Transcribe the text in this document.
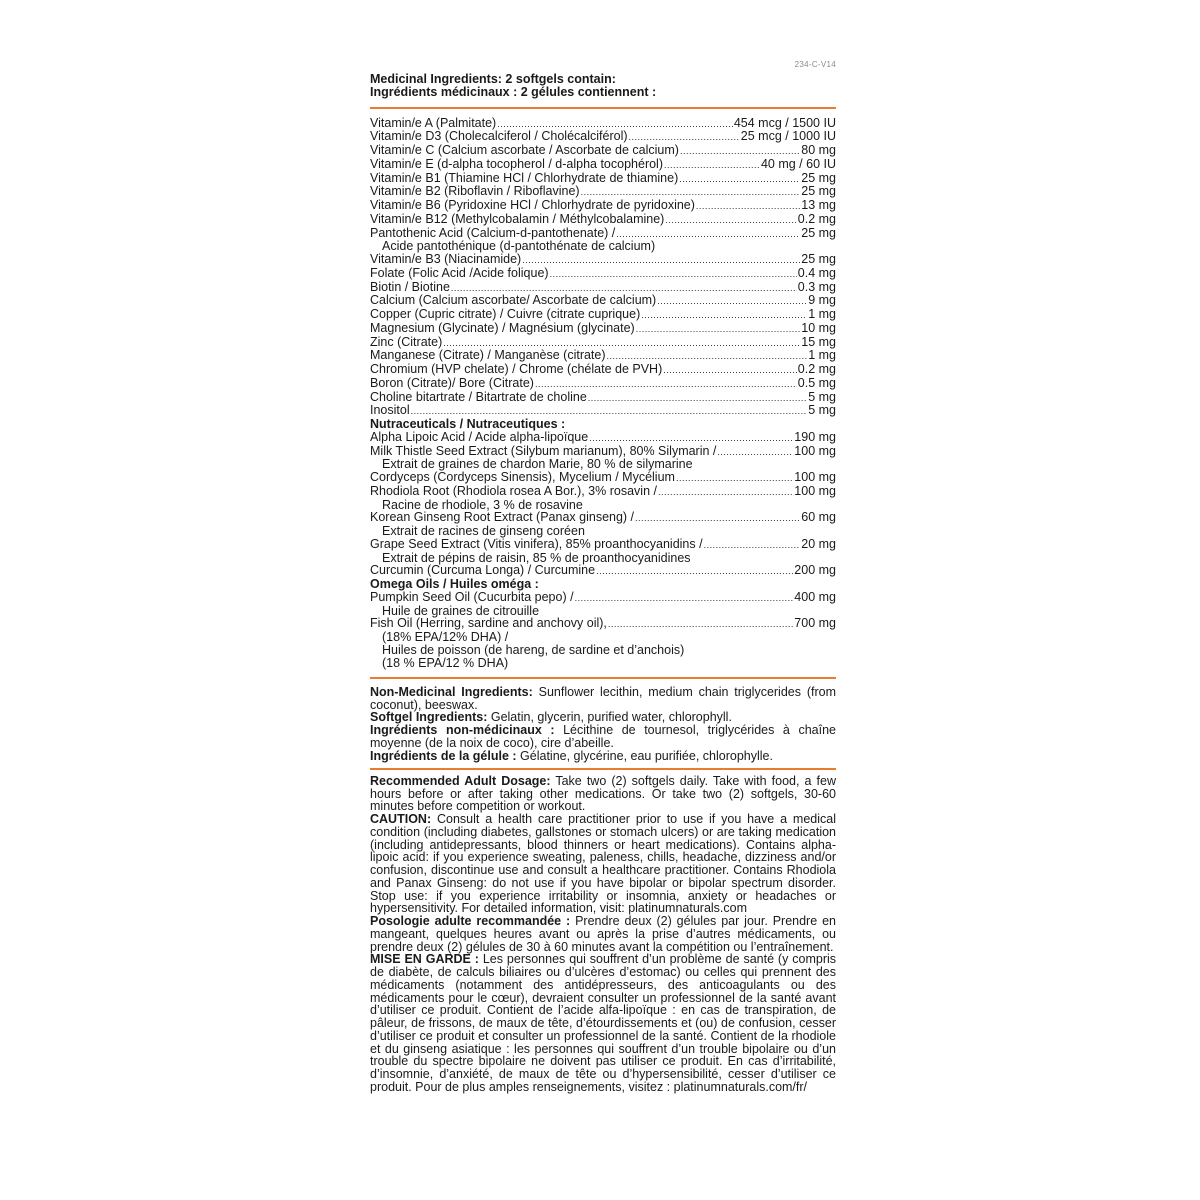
234-C-V14
Medicinal Ingredients: 2 softgels contain:
Ingrédients médicinaux : 2 gélules contiennent :
Vitamin/e A (Palmitate) .....	454 mcg / 1500 IU
Vitamin/e D3 (Cholecalciferol / Cholécalciférol) .....	25 mcg / 1000 IU
Vitamin/e C (Calcium ascorbate / Ascorbate de calcium) .....	80 mg
Vitamin/e E (d-alpha tocopherol / d-alpha tocophérol) .....	40 mg / 60 IU
Vitamin/e B1 (Thiamine HCl / Chlorhydrate de thiamine) .....	25 mg
Vitamin/e B2 (Riboflavin / Riboflavine) .....	25 mg
Vitamin/e B6 (Pyridoxine HCl / Chlorhydrate de pyridoxine) .....	13 mg
Vitamin/e B12 (Methylcobalamin / Méthylcobalamine) .....	0.2 mg
Pantothenic Acid (Calcium-d-pantothenate) / .....	25 mg
Acide pantothénique (d-pantothénate de calcium)
Vitamin/e B3 (Niacinamide) .....	25 mg
Folate (Folic Acid /Acide folique) .....	0.4 mg
Biotin / Biotine .....	0.3 mg
Calcium (Calcium ascorbate/ Ascorbate de calcium) .....	9 mg
Copper (Cupric citrate) / Cuivre (citrate cuprique) .....	1 mg
Magnesium (Glycinate) / Magnésium (glycinate) .....	10 mg
Zinc (Citrate) .....	15 mg
Manganese (Citrate) / Manganèse (citrate) .....	1 mg
Chromium (HVP chelate) / Chrome (chélate de PVH) .....	0.2 mg
Boron (Citrate)/ Bore (Citrate) .....	0.5 mg
Choline bitartrate / Bitartrate de choline .....	5 mg
Inositol .....	5 mg
Nutraceuticals / Nutraceutiques :
Alpha Lipoic Acid / Acide alpha-lipoïque .....	190 mg
Milk Thistle Seed Extract (Silybum marianum), 80% Silymarin / .....	100 mg
Extrait de graines de chardon Marie, 80 % de silymarine
Cordyceps (Cordyceps Sinensis), Mycelium / Mycélium .....	100 mg
Rhodiola Root (Rhodiola rosea A Bor.), 3% rosavin / .....	100 mg
Racine de rhodiole, 3 % de rosavine
Korean Ginseng Root Extract (Panax ginseng) / .....	60 mg
Extrait de racines de ginseng coréen
Grape Seed Extract (Vitis vinifera), 85% proanthocyanidins / .....	20 mg
Extrait de pépins de raisin, 85 % de proanthocyanidines
Curcumin (Curcuma Longa) / Curcumine .....	200 mg
Omega Oils / Huiles oméga :
Pumpkin Seed Oil (Cucurbita pepo) / .....	400 mg
Huile de graines de citrouille
Fish Oil (Herring, sardine and anchovy oil), .....	700 mg
(18% EPA/12% DHA) /
Huiles de poisson (de hareng, de sardine et d’anchois)
(18 % EPA/12 % DHA)

Non-Medicinal Ingredients: Sunflower lecithin, medium chain triglycerides (from coconut), beeswax.

Softgel Ingredients: Gelatin, glycerin, purified water, chlorophyll.

Ingrédients non-médicinaux : Lécithine de tournesol, triglycérides à chaîne moyenne (de la noix de coco), cire d’abeille.

Ingrédients de la gélule : Gélatine, glycérine, eau purifiée, chlorophylle.

Recommended Adult Dosage: Take two (2) softgels daily. Take with food, a few hours before or after taking other medications. Or take two (2) softgels, 30-60 minutes before competition or workout.

CAUTION: Consult a health care practitioner prior to use if you have a medical condition (including diabetes, gallstones or stomach ulcers) or are taking medication (including antidepressants, blood thinners or heart medications). Contains alpha-lipoic acid: if you experience sweating, paleness, chills, headache, dizziness and/or confusion, discontinue use and consult a healthcare practitioner. Contains Rhodiola and Panax Ginseng: do not use if you have bipolar or bipolar spectrum disorder. Stop use: if you experience irritability or insomnia, anxiety or headaches or hypersensitivity. For detailed information, visit: platinumnaturals.com

Posologie adulte recommandée : Prendre deux (2) gélules par jour. Prendre en mangeant, quelques heures avant ou après la prise d’autres médicaments, ou prendre deux (2) gélules de 30 à 60 minutes avant la compétition ou l’entraînement.

MISE EN GARDE : Les personnes qui souffrent d’un problème de santé (y compris de diabète, de calculs biliaires ou d’ulcères d’estomac) ou celles qui prennent des médicaments (notamment des antidépresseurs, des anticoagulants ou des médicaments pour le cœur), devraient consulter un professionnel de la santé avant d’utiliser ce produit. Contient de l’acide alfa-lipoïque : en cas de transpiration, de pâleur, de frissons, de maux de tête, d’étourdissements et (ou) de confusion, cesser d’utiliser ce produit et consulter un professionnel de la santé. Contient de la rhodiole et du ginseng asiatique : les personnes qui souffrent d’un trouble bipolaire ou d’un trouble du spectre bipolaire ne doivent pas utiliser ce produit. En cas d’irritabilité, d’insomnie, d’anxiété, de maux de tête ou d’hypersensibilité, cesser d’utiliser ce produit. Pour de plus amples renseignements, visitez : platinumnaturals.com/fr/
